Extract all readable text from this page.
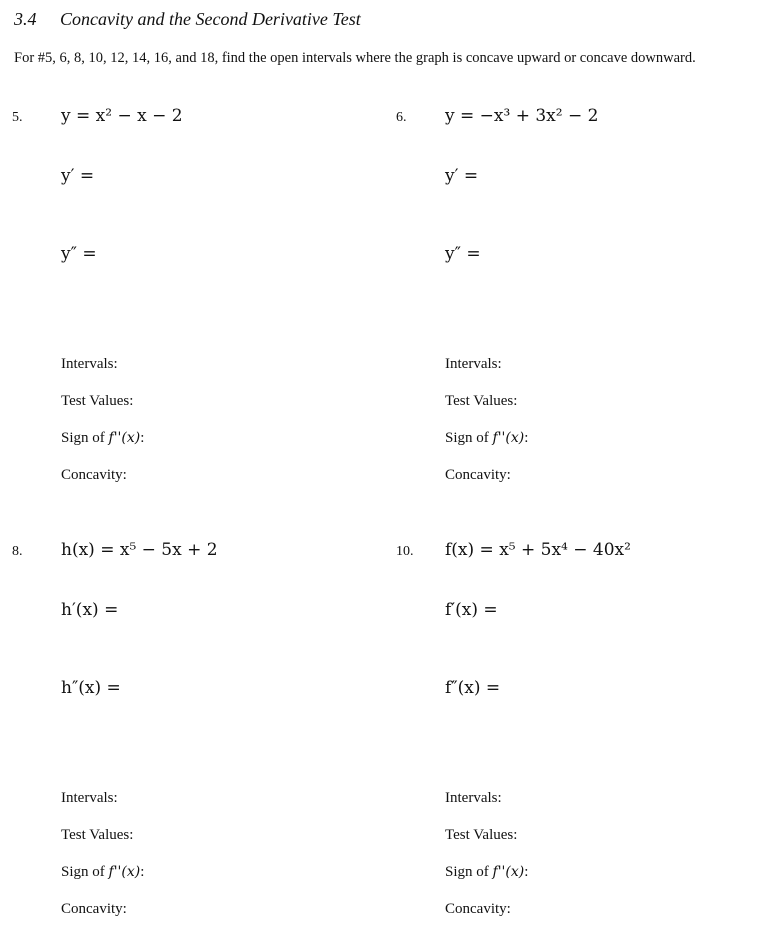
3.4 Concavity and the Second Derivative Test
For #5, 6, 8, 10, 12, 14, 16, and 18, find the open intervals where the graph is concave upward or concave downward.
5. y = x² − x − 2
y′ =
y″ =
Intervals:
Test Values:
Sign of f''(x):
Concavity:
6. y = −x³ + 3x² − 2
y′ =
y″ =
Intervals:
Test Values:
Sign of f''(x):
Concavity:
8. h(x) = x⁵ − 5x + 2
h′(x) =
h″(x) =
Intervals:
Test Values:
Sign of f''(x):
Concavity:
10. f(x) = x⁵ + 5x⁴ − 40x²
f′(x) =
f″(x) =
Intervals:
Test Values:
Sign of f''(x):
Concavity:
